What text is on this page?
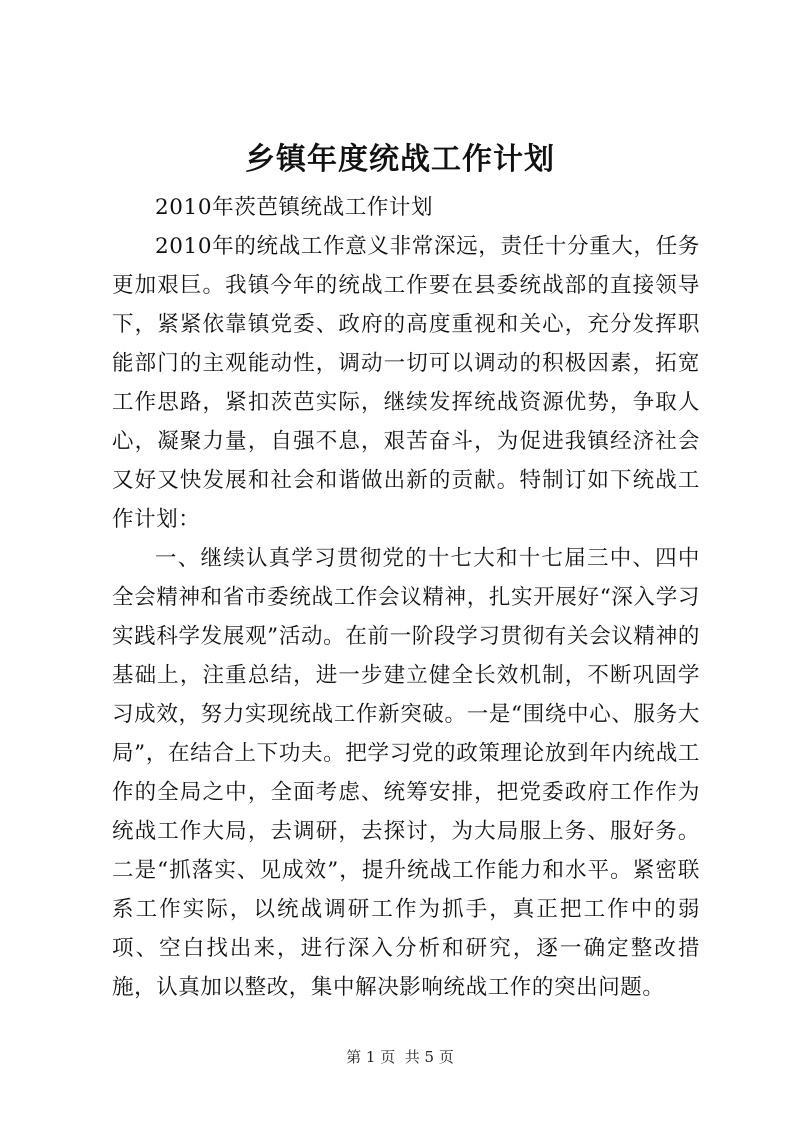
乡镇年度统战工作计划

2010年茨芭镇统战工作计划

2010年的统战工作意义非常深远，责任十分重大，任务更加艰巨。我镇今年的统战工作要在县委统战部的直接领导下，紧紧依靠镇党委、政府的高度重视和关心，充分发挥职能部门的主观能动性，调动一切可以调动的积极因素，拓宽工作思路，紧扣茨芭实际，继续发挥统战资源优势，争取人心，凝聚力量，自强不息，艰苦奋斗，为促进我镇经济社会又好又快发展和社会和谐做出新的贡献。特制订如下统战工作计划：

一、继续认真学习贯彻党的十七大和十七届三中、四中全会精神和省市委统战工作会议精神，扎实开展好“深入学习实践科学发展观”活动。在前一阶段学习贯彻有关会议精神的基础上，注重总结，进一步建立健全长效机制，不断巩固学习成效，努力实现统战工作新突破。一是“围绕中心、服务大局”，在结合上下功夫。把学习党的政策理论放到年内统战工作的全局之中，全面考虑、统筹安排，把党委政府工作作为统战工作大局，去调研，去探讨，为大局服上务、服好务。二是“抓落实、见成效”，提升统战工作能力和水平。紧密联系工作实际，以统战调研工作为抓手，真正把工作中的弱项、空白找出来，进行深入分析和研究，逐一确定整改措施，认真加以整改，集中解决影响统战工作的突出问题。

第 1 页  共 5 页
